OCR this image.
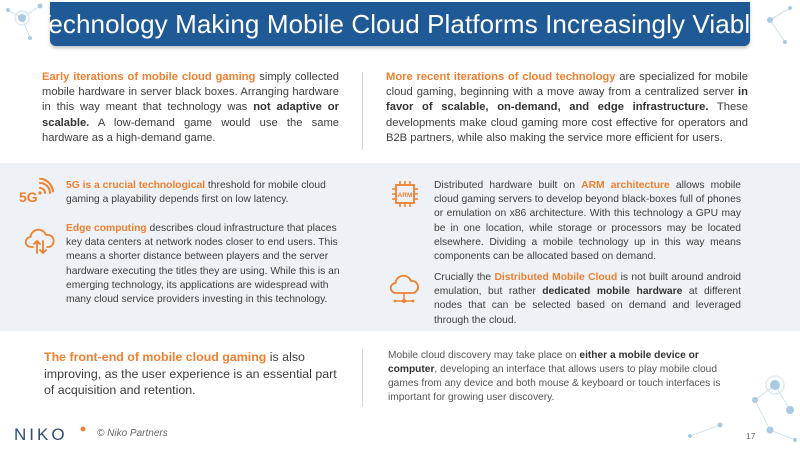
Technology Making Mobile Cloud Platforms Increasingly Viable
Early iterations of mobile cloud gaming simply collected mobile hardware in server black boxes. Arranging hardware in this way meant that technology was not adaptive or scalable. A low-demand game would use the same hardware as a high-demand game.
More recent iterations of cloud technology are specialized for mobile cloud gaming, beginning with a move away from a centralized server in favor of scalable, on-demand, and edge infrastructure. These developments make cloud gaming more cost effective for operators and B2B partners, while also making the service more efficient for users.
5G
5G is a crucial technological threshold for mobile cloud gaming a playability depends first on low latency.
Edge computing describes cloud infrastructure that places key data centers at network nodes closer to end users. This means a shorter distance between players and the server hardware executing the titles they are using. While this is an emerging technology, its applications are widespread with many cloud service providers investing in this technology.
ARM
Distributed hardware built on ARM architecture allows mobile cloud gaming servers to develop beyond black-boxes full of phones or emulation on x86 architecture. With this technology a GPU may be in one location, while storage or processors may be located elsewhere. Dividing a mobile technology up in this way means components can be allocated based on demand.
Crucially the Distributed Mobile Cloud is not built around android emulation, but rather dedicated mobile hardware at different nodes that can be selected based on demand and leveraged through the cloud.
The front-end of mobile cloud gaming is also improving, as the user experience is an essential part of acquisition and retention.
Mobile cloud discovery may take place on either a mobile device or computer, developing an interface that allows users to play mobile cloud games from any device and both mouse & keyboard or touch interfaces is important for growing user discovery.
NIKO	© Niko Partners	17
